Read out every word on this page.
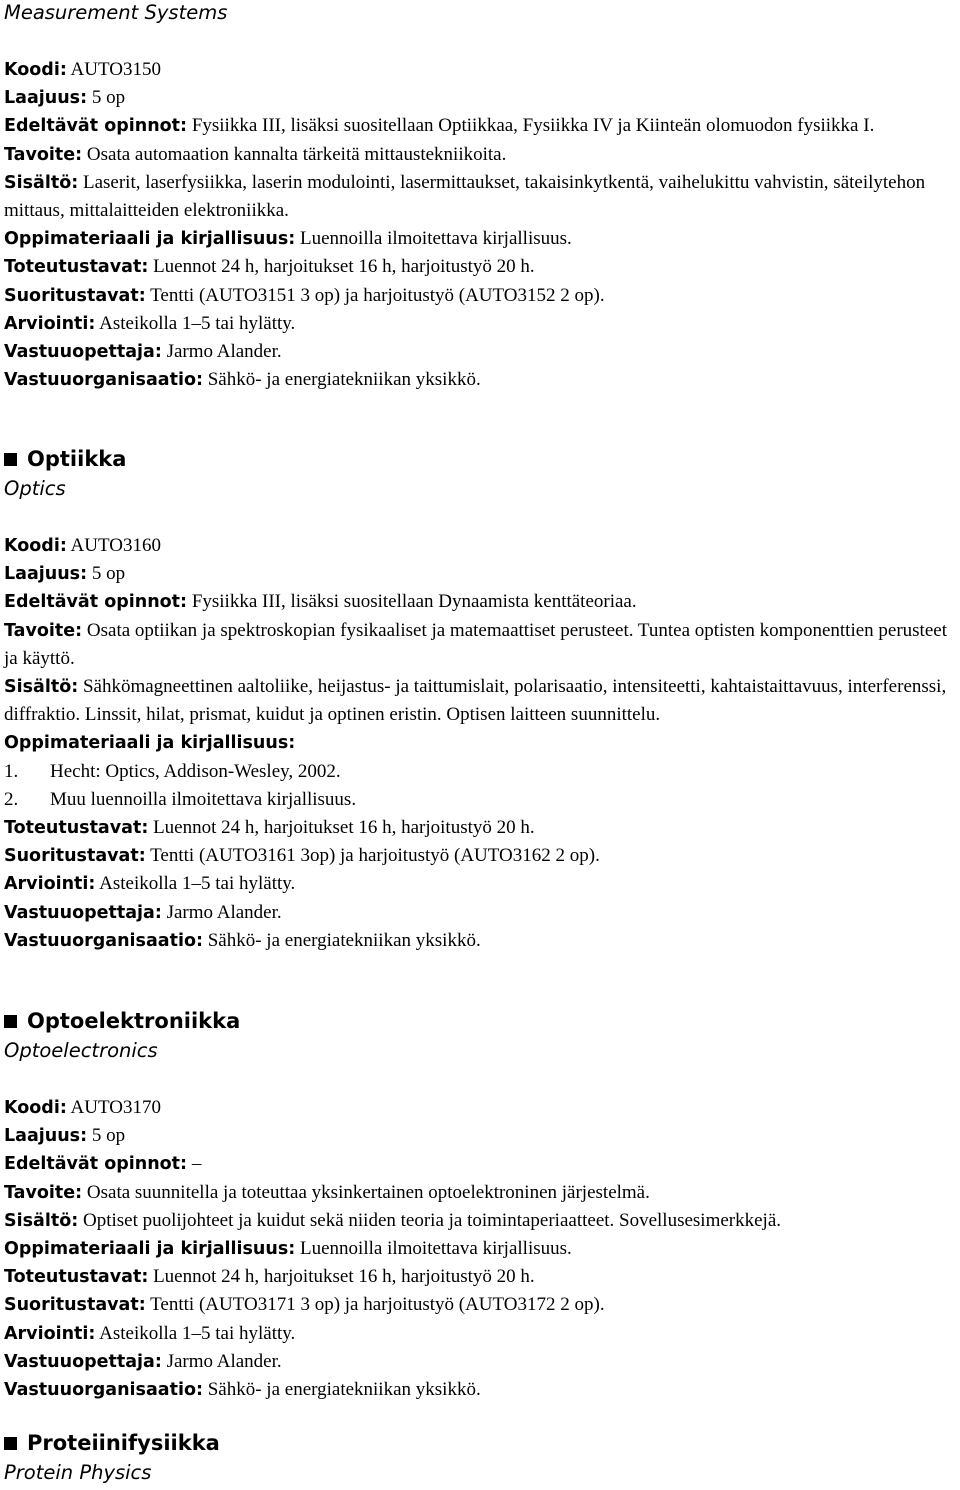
Measurement Systems
Koodi: AUTO3150
Laajuus: 5 op
Edeltävät opinnot: Fysiikka III, lisäksi suositellaan Optiikkaa, Fysiikka IV ja Kiinteän olomuodon fysiikka I.
Tavoite: Osata automaation kannalta tärkeitä mittaustekniikoita.
Sisältö: Laserit, laserfysiikka, laserin modulointi, lasermittaukset, takaisinkytkentä, vaihelukittu vahvistin, säteilytehon mittaus, mittalaitteiden elektroniikka.
Oppimateriaali ja kirjallisuus: Luennoilla ilmoitettava kirjallisuus.
Toteutustavat: Luennot 24 h, harjoitukset 16 h, harjoitustyö 20 h.
Suoritustavat: Tentti (AUTO3151 3 op) ja harjoitustyö (AUTO3152 2 op).
Arviointi: Asteikolla 1–5 tai hylätty.
Vastuuopettaja: Jarmo Alander.
Vastuuorganisaatio: Sähkö- ja energiatekniikan yksikkö.
Optiikka
Optics
Koodi: AUTO3160
Laajuus: 5 op
Edeltävät opinnot: Fysiikka III, lisäksi suositellaan Dynaamista kenttäteoriaa.
Tavoite: Osata optiikan ja spektroskopian fysikaaliset ja matemaattiset perusteet. Tuntea optisten komponenttien perusteet ja käyttö.
Sisältö: Sähkömagneettinen aaltoliike, heijastus- ja taittumislait, polarisaatio, intensiteetti, kahtaistaittavuus, interferenssi, diffraktio. Linssit, hilat, prismat, kuidut ja optinen eristin. Optisen laitteen suunnittelu.
Oppimateriaali ja kirjallisuus:
1. Hecht: Optics, Addison-Wesley, 2002.
2. Muu luennoilla ilmoitettava kirjallisuus.
Toteutustavat: Luennot 24 h, harjoitukset 16 h, harjoitustyö 20 h.
Suoritustavat: Tentti (AUTO3161 3op) ja harjoitustyö (AUTO3162 2 op).
Arviointi: Asteikolla 1–5 tai hylätty.
Vastuuopettaja: Jarmo Alander.
Vastuuorganisaatio: Sähkö- ja energiatekniikan yksikkö.
Optoelektroniikka
Optoelectronics
Koodi: AUTO3170
Laajuus: 5 op
Edeltävät opinnot: –
Tavoite: Osata suunnitella ja toteuttaa yksinkertainen optoelektroninen järjestelmä.
Sisältö: Optiset puolijohteet ja kuidut sekä niiden teoria ja toimintaperiaatteet. Sovellusesimerkkejä.
Oppimateriaali ja kirjallisuus: Luennoilla ilmoitettava kirjallisuus.
Toteutustavat: Luennot 24 h, harjoitukset 16 h, harjoitustyö 20 h.
Suoritustavat: Tentti (AUTO3171 3 op) ja harjoitustyö (AUTO3172 2 op).
Arviointi: Asteikolla 1–5 tai hylätty.
Vastuuopettaja: Jarmo Alander.
Vastuuorganisaatio: Sähkö- ja energiatekniikan yksikkö.
Proteiinifysiikka
Protein Physics
